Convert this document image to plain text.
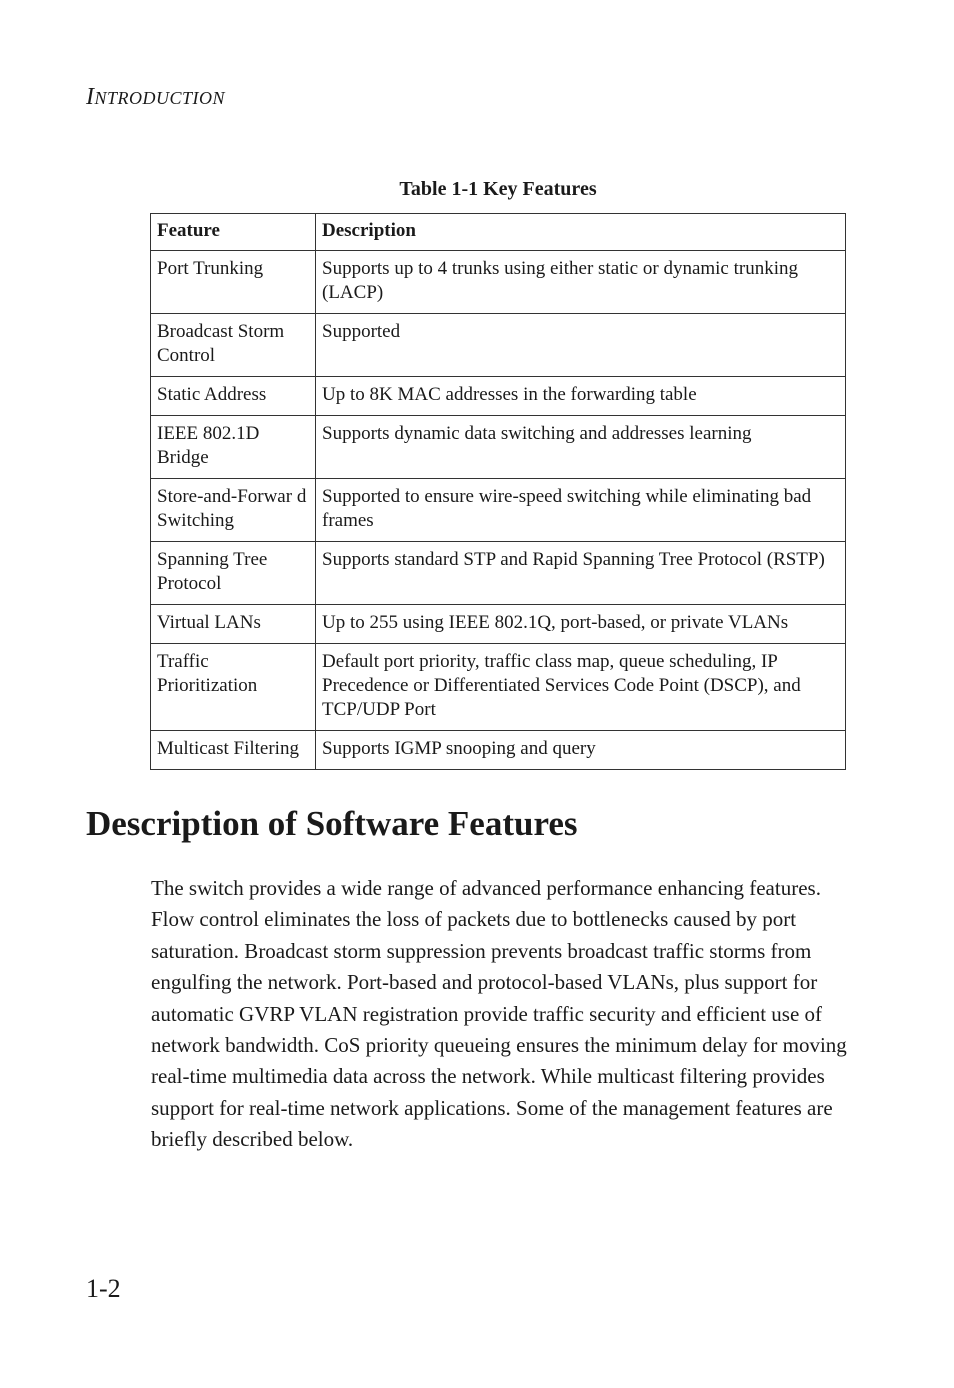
INTRODUCTION
Table 1-1 Key Features
Feature	Description
Port Trunking	Supports up to 4 trunks using either static or dynamic trunking (LACP)
Broadcast Storm Control	Supported
Static Address	Up to 8K MAC addresses in the forwarding table
IEEE 802.1D Bridge	Supports dynamic data switching and addresses learning
Store-and-Forwar d Switching	Supported to ensure wire-speed switching while eliminating bad frames
Spanning Tree Protocol	Supports standard STP and Rapid Spanning Tree Protocol (RSTP)
Virtual LANs	Up to 255 using IEEE 802.1Q, port-based, or private VLANs
Traffic Prioritization	Default port priority, traffic class map, queue scheduling, IP Precedence or Differentiated Services Code Point (DSCP), and TCP/UDP Port
Multicast Filtering	Supports IGMP snooping and query
Description of Software Features

The switch provides a wide range of advanced performance enhancing features. Flow control eliminates the loss of packets due to bottlenecks caused by port saturation. Broadcast storm suppression prevents broadcast traffic storms from engulfing the network. Port-based and protocol-based VLANs, plus support for automatic GVRP VLAN registration provide traffic security and efficient use of network bandwidth. CoS priority queueing ensures the minimum delay for moving real-time multimedia data across the network. While multicast filtering provides support for real-time network applications. Some of the management features are briefly described below.

1-2
